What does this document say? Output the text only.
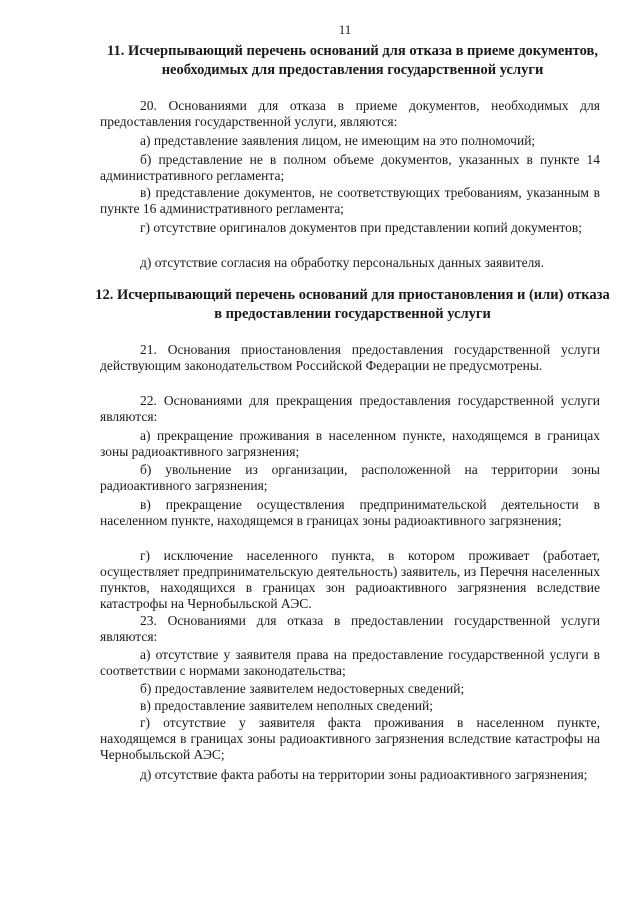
11
11. Исчерпывающий перечень оснований для отказа в приеме документов, необходимых для предоставления государственной услуги
20. Основаниями для отказа в приеме документов, необходимых для предоставления государственной услуги, являются:
а) представление заявления лицом, не имеющим на это полномочий;
б) представление не в полном объеме документов, указанных в пункте 14 административного регламента;
в) представление документов, не соответствующих требованиям, указанным в пункте 16 административного регламента;
г) отсутствие оригиналов документов при представлении копий документов;
д) отсутствие согласия на обработку персональных данных заявителя.
12. Исчерпывающий перечень оснований для приостановления и (или) отказа в предоставлении государственной услуги
21. Основания приостановления предоставления государственной услуги действующим законодательством Российской Федерации не предусмотрены.
22. Основаниями для прекращения предоставления государственной услуги являются:
а) прекращение проживания в населенном пункте, находящемся в границах зоны радиоактивного загрязнения;
б) увольнение из организации, расположенной на территории зоны радиоактивного загрязнения;
в) прекращение осуществления предпринимательской деятельности в населенном пункте, находящемся в границах зоны радиоактивного загрязнения;
г) исключение населенного пункта, в котором проживает (работает, осуществляет предпринимательскую деятельность) заявитель, из Перечня населенных пунктов, находящихся в границах зон радиоактивного загрязнения вследствие катастрофы на Чернобыльской АЭС.
23. Основаниями для отказа в предоставлении государственной услуги являются:
а) отсутствие у заявителя права на предоставление государственной услуги в соответствии с нормами законодательства;
б) предоставление заявителем недостоверных сведений;
в) предоставление заявителем неполных сведений;
г) отсутствие у заявителя факта проживания в населенном пункте, находящемся в границах зоны радиоактивного загрязнения вследствие катастрофы на Чернобыльской АЭС;
д) отсутствие факта работы на территории зоны радиоактивного загрязнения;
